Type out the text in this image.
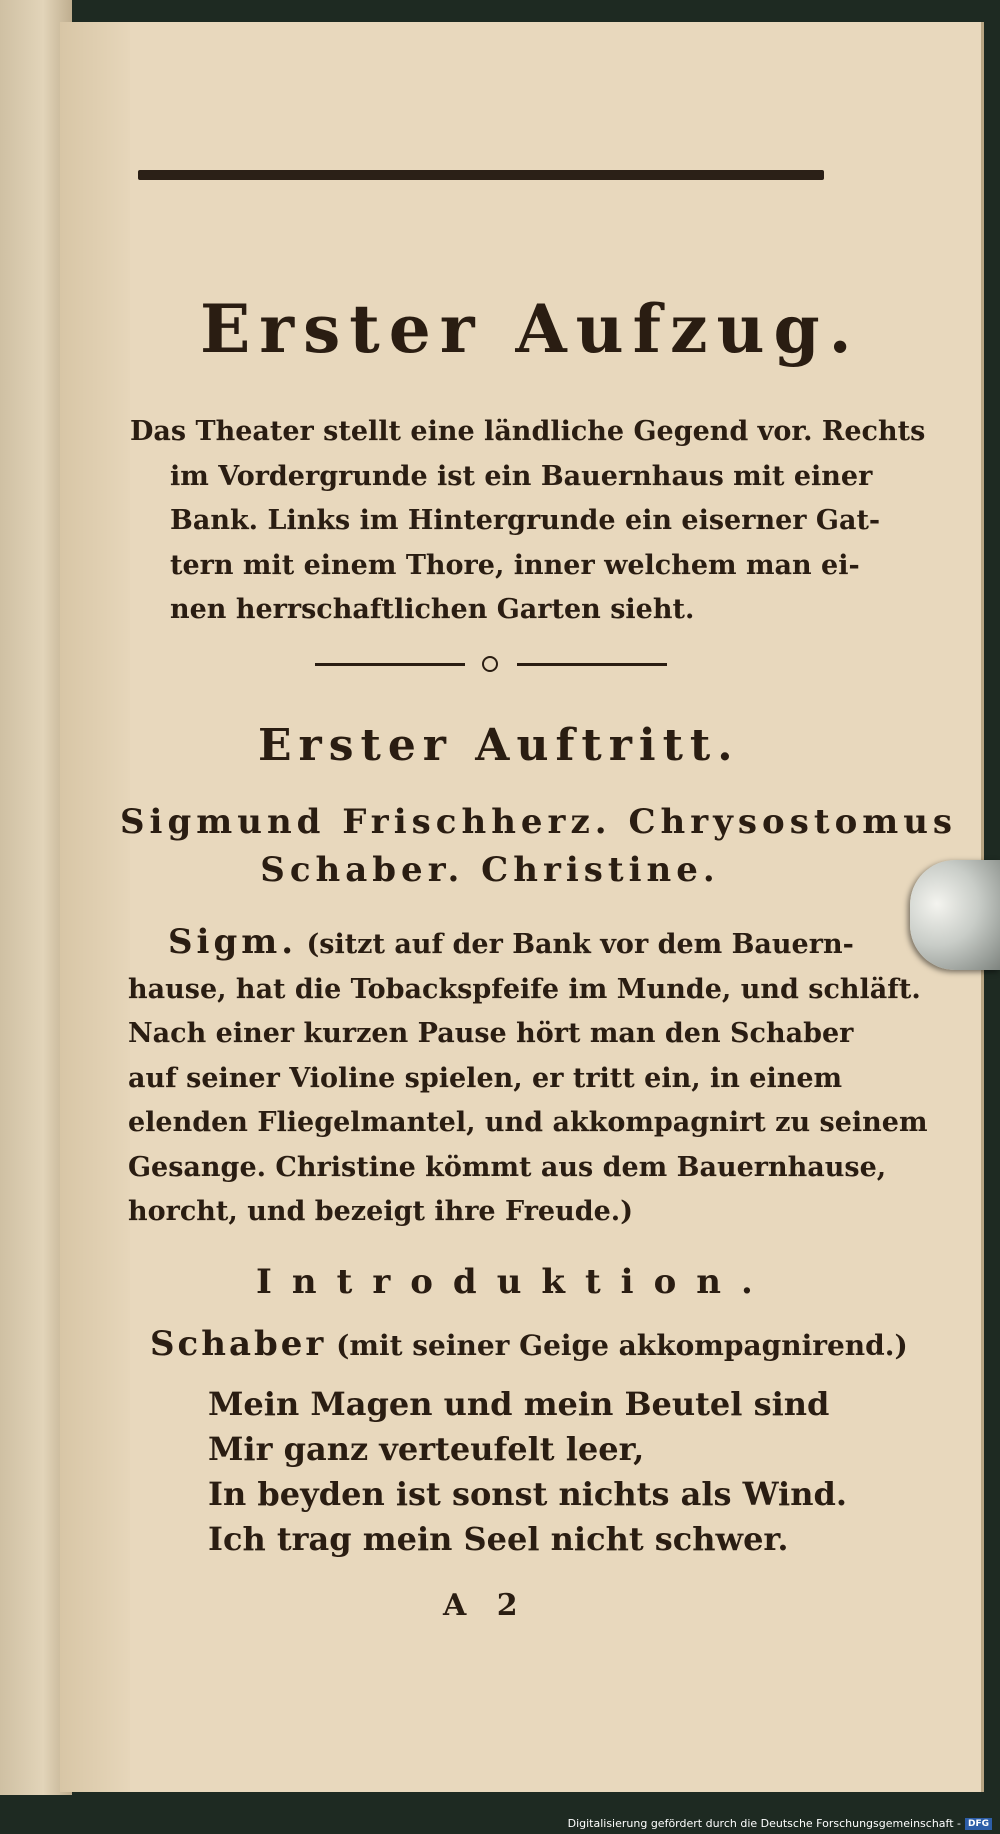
Erster Aufzug.

Das Theater stellt eine ländliche Gegend vor. Rechts
im Vordergrunde ist ein Bauernhaus mit einer
Bank. Links im Hintergrunde ein eiserner Gat-
tern mit einem Thore, inner welchem man ei-
nen herrschaftlichen Garten sieht.

Erster Auftritt.

Sigmund Frischherz. Chrysostomus
Schaber. Christine.

Sigm. (sitzt auf der Bank vor dem Bauern-
hause, hat die Tobackspfeife im Munde, und schläft.
Nach einer kurzen Pause hört man den Schaber
auf seiner Violine spielen, er tritt ein, in einem
elenden Fliegelmantel, und akkompagnirt zu seinem
Gesange. Christine kömmt aus dem Bauernhause,
horcht, und bezeigt ihre Freude.)

Introduktion.

Schaber (mit seiner Geige akkompagnirend.)

Mein Magen und mein Beutel sind
Mir ganz verteufelt leer,
In beyden ist sonst nichts als Wind.
Ich trag mein Seel nicht schwer.

A 2

Digitalisierung gefördert durch die Deutsche Forschungsgemeinschaft - DFG
